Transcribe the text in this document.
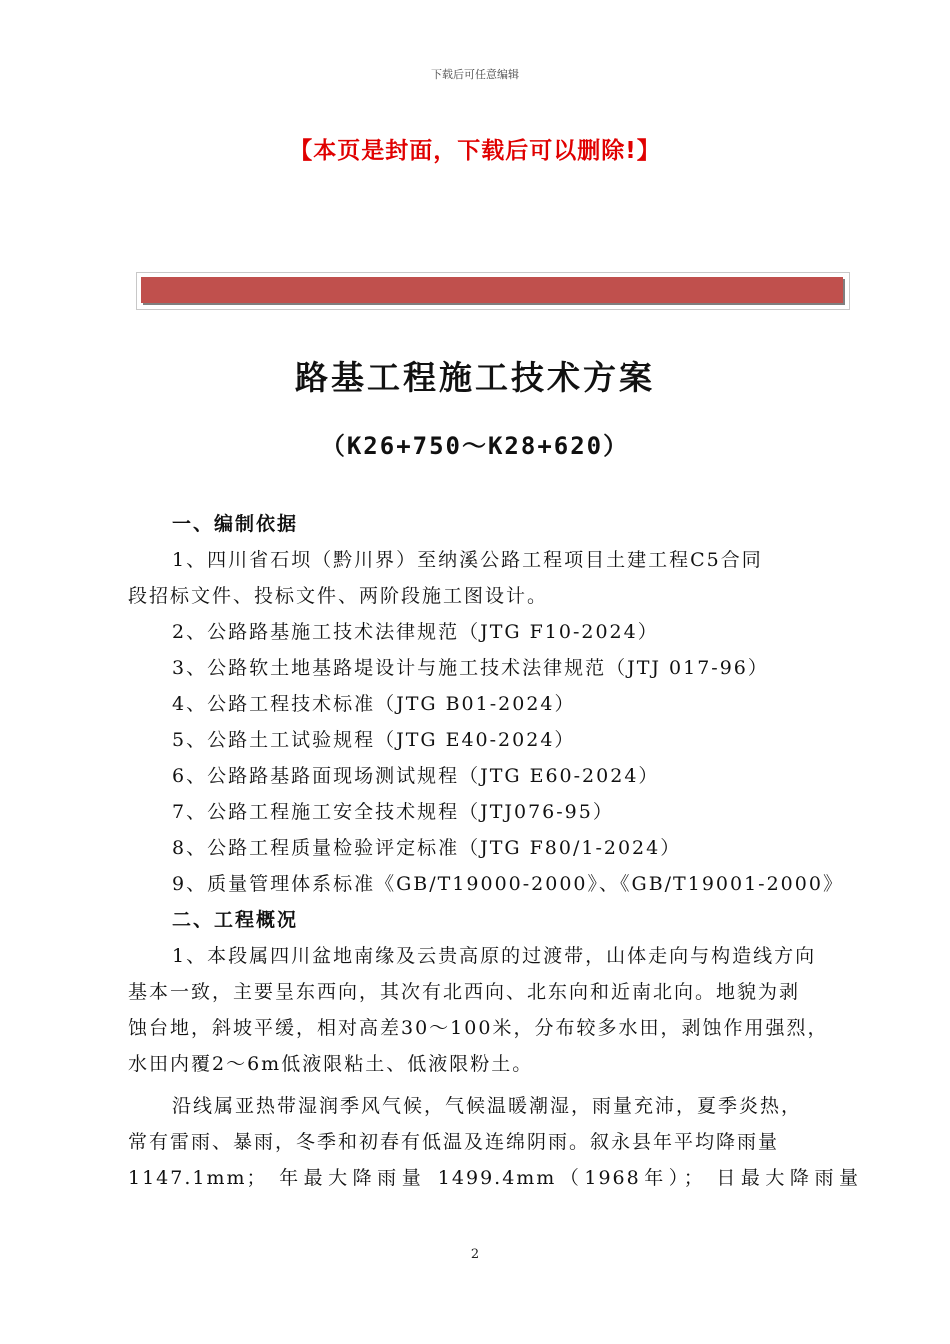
下载后可任意编辑
【本页是封面，下载后可以删除!】
路基工程施工技术方案
（K26+750～K28+620）
一、编制依据
1、四川省石坝（黔川界）至纳溪公路工程项目土建工程C5合同
段招标文件、投标文件、两阶段施工图设计。
2、公路路基施工技术法律规范（JTG F10-2024）
3、公路软土地基路堤设计与施工技术法律规范（JTJ 017-96）
4、公路工程技术标准（JTG B01-2024）
5、公路土工试验规程（JTG E40-2024）
6、公路路基路面现场测试规程（JTG E60-2024）
7、公路工程施工安全技术规程（JTJ076-95）
8、公路工程质量检验评定标准（JTG F80/1-2024）
9、质量管理体系标准《GB/T19000-2000》、《GB/T19001-2000》
二、工程概况
1、本段属四川盆地南缘及云贵高原的过渡带，山体走向与构造线方向
基本一致，主要呈东西向，其次有北西向、北东向和近南北向。地貌为剥
蚀台地，斜坡平缓，相对高差30～100米，分布较多水田，剥蚀作用强烈，
水田内覆2～6m低液限粘土、低液限粉土。
沿线属亚热带湿润季风气候，气候温暖潮湿，雨量充沛，夏季炎热，
常有雷雨、暴雨，冬季和初春有低温及连绵阴雨。叙永县年平均降雨量
1147.1mm； 年最大降雨量 1499.4mm（1968年）； 日最大降雨量
2
